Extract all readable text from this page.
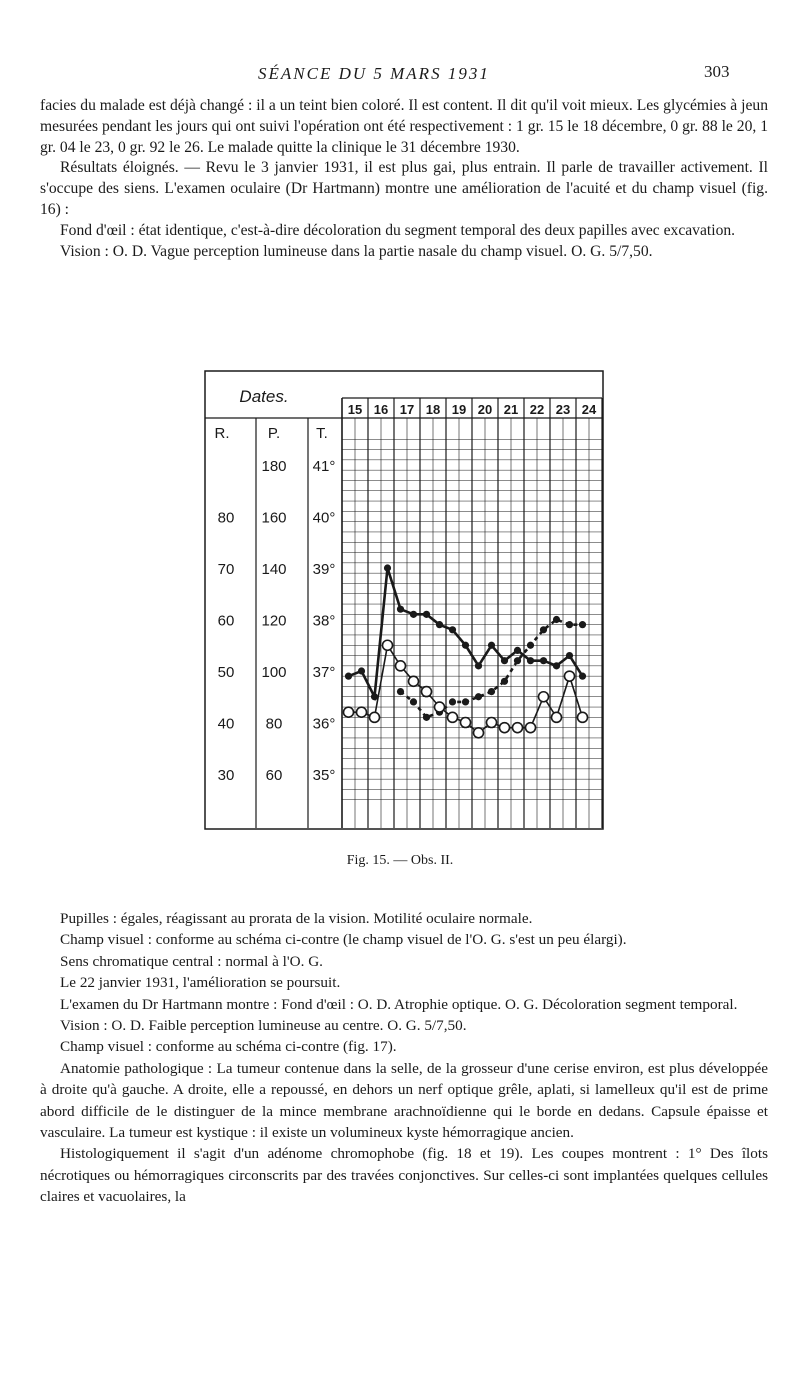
SÉANCE DU 5 MARS 1931	303

facies du malade est déjà changé : il a un teint bien coloré. Il est content. Il dit qu'il voit mieux. Les glycémies à jeun mesurées pendant les jours qui ont suivi l'opération ont été respectivement : 1 gr. 15 le 18 décembre, 0 gr. 88 le 20, 1 gr. 04 le 23, 0 gr. 92 le 26. Le malade quitte la clinique le 31 décembre 1930.

Résultats éloignés. — Revu le 3 janvier 1931, il est plus gai, plus entrain. Il parle de travailler activement. Il s'occupe des siens. L'examen oculaire (Dr Hartmann) montre une amélioration de l'acuité et du champ visuel (fig. 16) :

Fond d'œil : état identique, c'est-à-dire décoloration du segment temporal des deux papilles avec excavation.

Vision : O. D. Vague perception lumineuse dans la partie nasale du champ visuel. O. G. 5/7,50.

Dates.
R.	P. T.
180 41°
80 160 40°
70 140 39°
60 120 38°
50 100 37°
40 80 36°
30 60 35°
15 16 17 18 19 20 21 22 23 24
Fig. 15. — Obs. II.

Pupilles : égales, réagissant au prorata de la vision. Motilité oculaire normale.

Champ visuel : conforme au schéma ci-contre (le champ visuel de l'O. G. s'est un peu élargi).

Sens chromatique central : normal à l'O. G.

Le 22 janvier 1931, l'amélioration se poursuit.

L'examen du Dr Hartmann montre : Fond d'œil : O. D. Atrophie optique. O. G. Décoloration segment temporal.

Vision : O. D. Faible perception lumineuse au centre. O. G. 5/7,50.

Champ visuel : conforme au schéma ci-contre (fig. 17).

Anatomie pathologique : La tumeur contenue dans la selle, de la grosseur d'une cerise environ, est plus développée à droite qu'à gauche. A droite, elle a repoussé, en dehors un nerf optique grêle, aplati, si lamelleux qu'il est de prime abord difficile de le distinguer de la mince membrane arachnoïdienne qui le borde en dedans. Capsule épaisse et vasculaire. La tumeur est kystique : il existe un volumineux kyste hémorragique ancien.

Histologiquement il s'agit d'un adénome chromophobe (fig. 18 et 19). Les coupes montrent : 1° Des îlots nécrotiques ou hémorragiques circonscrits par des travées conjonctives. Sur celles-ci sont implantées quelques cellules claires et vacuolaires, la
